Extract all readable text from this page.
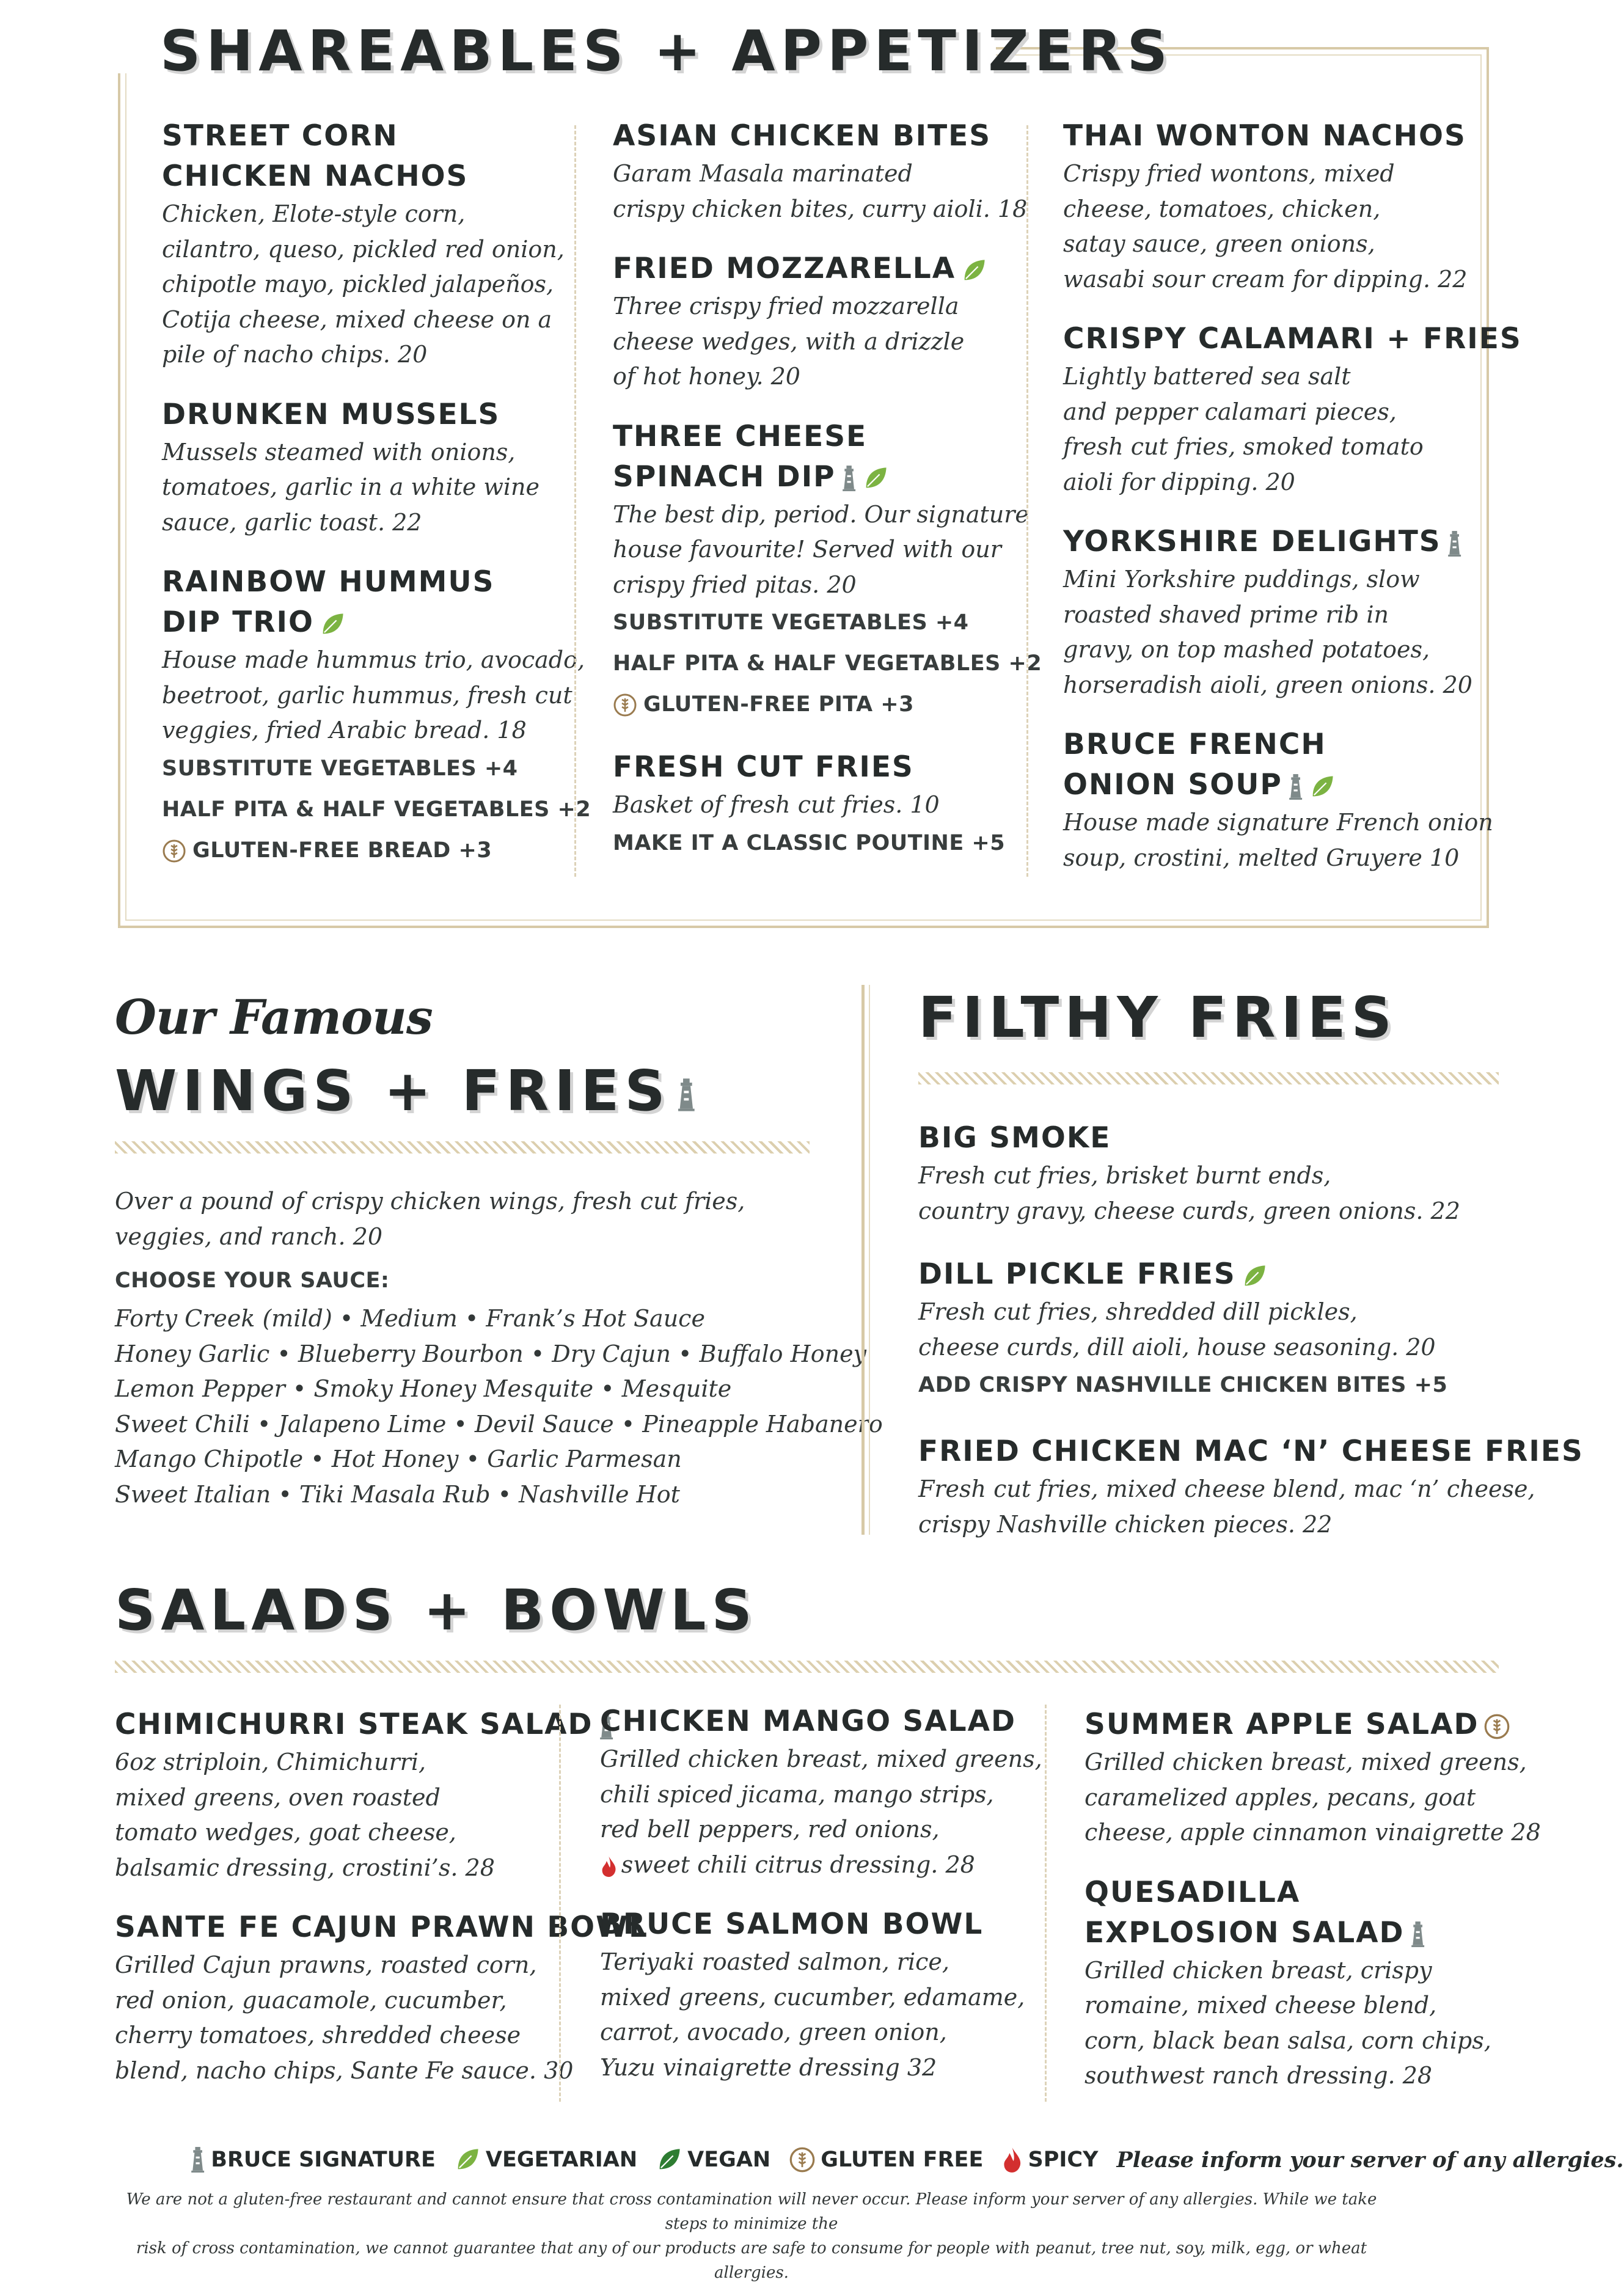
SHAREABLES + APPETIZERS
STREET CORN
CHICKEN NACHOS
Chicken, Elote-style corn,
cilantro, queso, pickled red onion,
chipotle mayo, pickled jalapeños,
Cotija cheese, mixed cheese on a
pile of nacho chips. 20
DRUNKEN MUSSELS
Mussels steamed with onions,
tomatoes, garlic in a white wine
sauce, garlic toast. 22
RAINBOW HUMMUS
DIP TRIO
House made hummus trio, avocado,
beetroot, garlic hummus, fresh cut
veggies, fried Arabic bread. 18
SUBSTITUTE VEGETABLES +4
HALF PITA & HALF VEGETABLES +2
GLUTEN-FREE BREAD +3
ASIAN CHICKEN BITES
Garam Masala marinated
crispy chicken bites, curry aioli. 18
FRIED MOZZARELLA
Three crispy fried mozzarella
cheese wedges, with a drizzle
of hot honey. 20
THREE CHEESE
SPINACH DIP
The best dip, period. Our signature
house favourite! Served with our
crispy fried pitas. 20
SUBSTITUTE VEGETABLES +4
HALF PITA & HALF VEGETABLES +2
GLUTEN-FREE PITA +3
FRESH CUT FRIES
Basket of fresh cut fries. 10
MAKE IT A CLASSIC POUTINE +5
THAI WONTON NACHOS
Crispy fried wontons, mixed
cheese, tomatoes, chicken,
satay sauce, green onions,
wasabi sour cream for dipping. 22
CRISPY CALAMARI + FRIES
Lightly battered sea salt
and pepper calamari pieces,
fresh cut fries, smoked tomato
aioli for dipping. 20
YORKSHIRE DELIGHTS
Mini Yorkshire puddings, slow
roasted shaved prime rib in
gravy, on top mashed potatoes,
horseradish aioli, green onions. 20
BRUCE FRENCH
ONION SOUP
House made signature French onion
soup, crostini, melted Gruyere 10
Our Famous
WINGS + FRIES
Over a pound of crispy chicken wings, fresh cut fries,
veggies, and ranch. 20
CHOOSE YOUR SAUCE:
Forty Creek (mild) • Medium • Frank’s Hot Sauce
Honey Garlic • Blueberry Bourbon • Dry Cajun • Buffalo Honey
Lemon Pepper • Smoky Honey Mesquite • Mesquite
Sweet Chili • Jalapeno Lime • Devil Sauce • Pineapple Habanero
Mango Chipotle • Hot Honey • Garlic Parmesan
Sweet Italian • Tiki Masala Rub • Nashville Hot
FILTHY FRIES
BIG SMOKE
Fresh cut fries, brisket burnt ends,
country gravy, cheese curds, green onions. 22
DILL PICKLE FRIES
Fresh cut fries, shredded dill pickles,
cheese curds, dill aioli, house seasoning. 20
ADD CRISPY NASHVILLE CHICKEN BITES +5
FRIED CHICKEN MAC ‘N’ CHEESE FRIES
Fresh cut fries, mixed cheese blend, mac ‘n’ cheese,
crispy Nashville chicken pieces. 22
SALADS + BOWLS
CHIMICHURRI STEAK SALAD
6oz striploin, Chimichurri,
mixed greens, oven roasted
tomato wedges, goat cheese,
balsamic dressing, crostini’s. 28
SANTE FE CAJUN PRAWN BOWL
Grilled Cajun prawns, roasted corn,
red onion, guacamole, cucumber,
cherry tomatoes, shredded cheese
blend, nacho chips, Sante Fe sauce. 30
CHICKEN MANGO SALAD
Grilled chicken breast, mixed greens,
chili spiced jicama, mango strips,
red bell peppers, red onions,
sweet chili citrus dressing. 28
BRUCE SALMON BOWL
Teriyaki roasted salmon, rice,
mixed greens, cucumber, edamame,
carrot, avocado, green onion,
Yuzu vinaigrette dressing 32
SUMMER APPLE SALAD
Grilled chicken breast, mixed greens,
caramelized apples, pecans, goat
cheese, apple cinnamon vinaigrette 28
QUESADILLA
EXPLOSION SALAD
Grilled chicken breast, crispy
romaine, mixed cheese blend,
corn, black bean salsa, corn chips,
southwest ranch dressing. 28
BRUCE SIGNATURE VEGETARIAN VEGAN GLUTEN FREE SPICY Please inform your server of any allergies.
We are not a gluten-free restaurant and cannot ensure that cross contamination will never occur. Please inform your server of any allergies. While we take steps to minimize the
risk of cross contamination, we cannot guarantee that any of our products are safe to consume for people with peanut, tree nut, soy, milk, egg, or wheat allergies.
